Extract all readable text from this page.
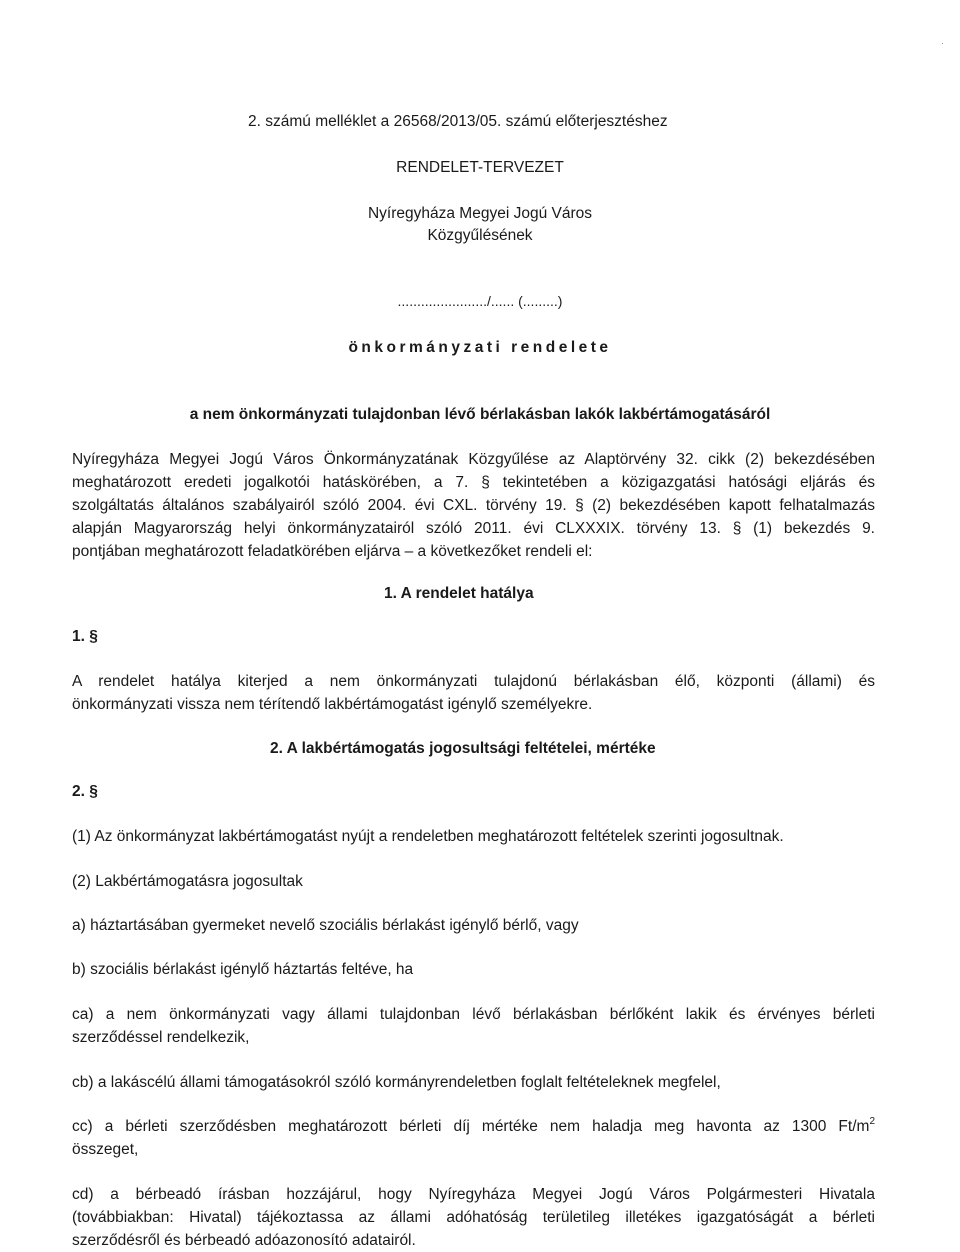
2. számú melléklet a 26568/2013/05. számú előterjesztéshez
RENDELET-TERVEZET
Nyíregyháza Megyei Jogú Város
Közgyűlésének
......................./...... (.........)
önkormányzati rendelete
a nem önkormányzati tulajdonban lévő bérlakásban lakók lakbértámogatásáról
Nyíregyháza Megyei Jogú Város Önkormányzatának Közgyűlése az Alaptörvény 32. cikk (2) bekezdésében
meghatározott eredeti jogalkotói hatáskörében, a 7. § tekintetében a közigazgatási hatósági eljárás és
szolgáltatás általános szabályairól szóló 2004. évi CXL. törvény 19. § (2) bekezdésében kapott felhatalmazás
alapján Magyarország helyi önkormányzatairól szóló 2011. évi CLXXXIX. törvény 13. § (1) bekezdés 9.
pontjában meghatározott feladatkörében eljárva – a következőket rendeli el:
1. A rendelet hatálya
1. §
A rendelet hatálya kiterjed a nem önkormányzati tulajdonú bérlakásban élő, központi (állami) és
önkormányzati vissza nem térítendő lakbértámogatást igénylő személyekre.
2. A lakbértámogatás jogosultsági feltételei, mértéke
2. §
(1) Az önkormányzat lakbértámogatást nyújt a rendeletben meghatározott feltételek szerinti jogosultnak.
(2) Lakbértámogatásra jogosultak
a) háztartásában gyermeket nevelő szociális bérlakást igénylő bérlő, vagy
b) szociális bérlakást igénylő háztartás feltéve, ha
ca) a nem önkormányzati vagy állami tulajdonban lévő bérlakásban bérlőként lakik és érvényes bérleti
szerződéssel rendelkezik,
cb) a lakáscélú állami támogatásokról szóló kormányrendeletben foglalt feltételeknek megfelel,
cc) a bérleti szerződésben meghatározott bérleti díj mértéke nem haladja meg havonta az 1300 $Ft/m^2$
összeget,
cd) a bérbeadó írásban hozzájárul, hogy Nyíregyháza Megyei Jogú Város Polgármesteri Hivatala
(továbbiakban: Hivatal) tájékoztassa az állami adóhatóság területileg illetékes igazgatóságát a bérleti
szerződésről és bérbeadó adóazonosító adatairól.
